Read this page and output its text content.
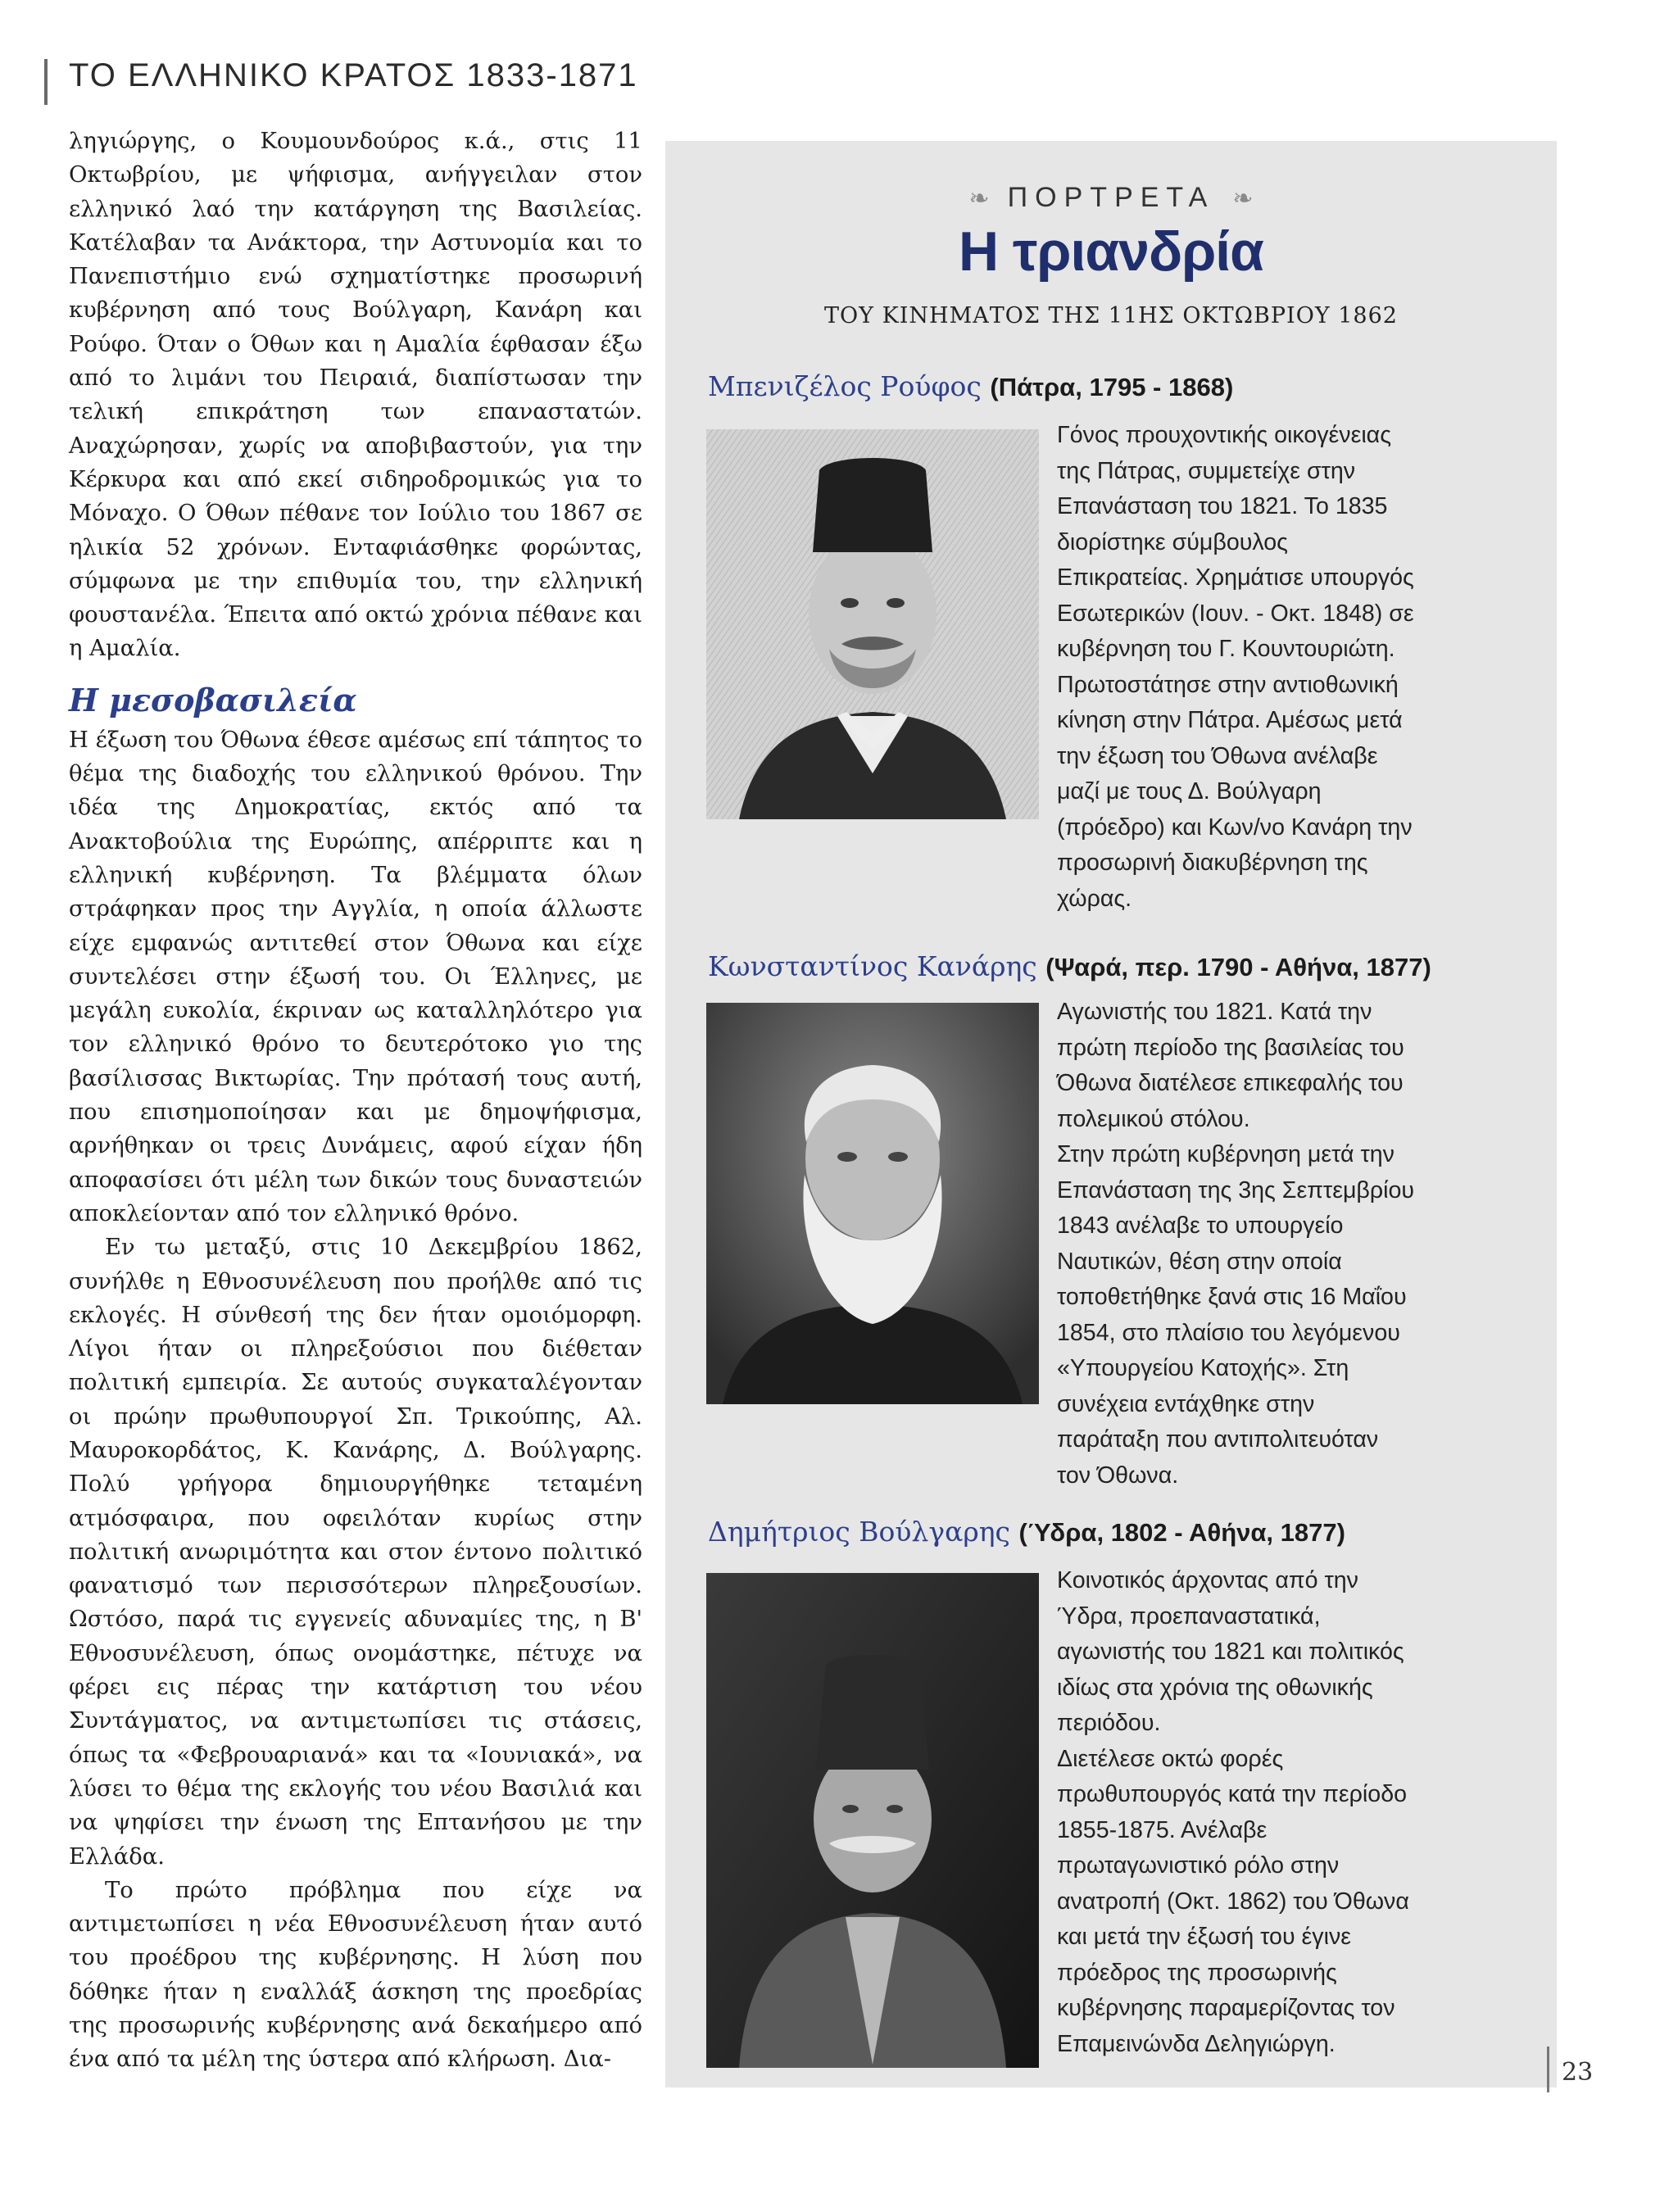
ΤΟ ΕΛΛΗΝΙΚΟ ΚΡΑΤΟΣ 1833-1871

ληγιώργης, ο Κουμουνδούρος κ.ά., στις 11 Οκτωβρίου, με ψήφισμα, ανήγγειλαν στον ελληνικό λαό την κατάργηση της Βασιλείας. Κατέλαβαν τα Ανάκτορα, την Αστυνομία και το Πανεπιστήμιο ενώ σχηματίστηκε προσωρινή κυβέρνηση από τους Βούλγαρη, Κανάρη και Ρούφο. Όταν ο Όθων και η Αμαλία έφθασαν έξω από το λιμάνι του Πειραιά, διαπίστωσαν την τελική επικράτηση των επαναστατών. Αναχώρησαν, χωρίς να αποβιβαστούν, για την Κέρκυρα και από εκεί σιδηροδρομικώς για το Μόναχο. Ο Όθων πέθανε τον Ιούλιο του 1867 σε ηλικία 52 χρόνων. Ενταφιάσθηκε φορώντας, σύμφωνα με την επιθυμία του, την ελληνική φουστανέλα. Έπειτα από οκτώ χρόνια πέθανε και η Αμαλία.

Η μεσοβασιλεία

Η έξωση του Όθωνα έθεσε αμέσως επί τάπητος το θέμα της διαδοχής του ελληνικού θρόνου. Την ιδέα της Δημοκρατίας, εκτός από τα Ανακτοβούλια της Ευρώπης, απέρριπτε και η ελληνική κυβέρνηση. Τα βλέμματα όλων στράφηκαν προς την Αγγλία, η οποία άλλωστε είχε εμφανώς αντιτεθεί στον Όθωνα και είχε συντελέσει στην έξωσή του. Οι Έλληνες, με μεγάλη ευκολία, έκριναν ως καταλληλότερο για τον ελληνικό θρόνο το δευτερότοκο γιο της βασίλισσας Βικτωρίας. Την πρότασή τους αυτή, που επισημοποίησαν και με δημοψήφισμα, αρνήθηκαν οι τρεις Δυνάμεις, αφού είχαν ήδη αποφασίσει ότι μέλη των δικών τους δυναστειών αποκλείονταν από τον ελληνικό θρόνο.

Εν τω μεταξύ, στις 10 Δεκεμβρίου 1862, συνήλθε η Εθνοσυνέλευση που προήλθε από τις εκλογές. Η σύνθεσή της δεν ήταν ομοιόμορφη. Λίγοι ήταν οι πληρεξούσιοι που διέθεταν πολιτική εμπειρία. Σε αυτούς συγκαταλέγονταν οι πρώην πρωθυπουργοί Σπ. Τρικούπης, Αλ. Μαυροκορδάτος, Κ. Κανάρης, Δ. Βούλγαρης. Πολύ γρήγορα δημιουργήθηκε τεταμένη ατμόσφαιρα, που οφειλόταν κυρίως στην πολιτική ανωριμότητα και στον έντονο πολιτικό φανατισμό των περισσότερων πληρεξουσίων. Ωστόσο, παρά τις εγγενείς αδυναμίες της, η Β' Εθνοσυνέλευση, όπως ονομάστηκε, πέτυχε να φέρει εις πέρας την κατάρτιση του νέου Συντάγματος, να αντιμετωπίσει τις στάσεις, όπως τα «Φεβρουαριανά» και τα «Ιουνιακά», να λύσει το θέμα της εκλογής του νέου Βασιλιά και να ψηφίσει την ένωση της Επτανήσου με την Ελλάδα.

Το πρώτο πρόβλημα που είχε να αντιμετωπίσει η νέα Εθνοσυνέλευση ήταν αυτό του προέδρου της κυβέρνησης. Η λύση που δόθηκε ήταν η εναλλάξ άσκηση της προεδρίας της προσωρινής κυβέρνησης ανά δεκαήμερο από ένα από τα μέλη της ύστερα από κλήρωση. Δια-

❧ ΠΟΡΤΡΕΤΑ ❧
Η τριανδρία
ΤΟΥ ΚΙΝΗΜΑΤΟΣ ΤΗΣ 11ΗΣ ΟΚΤΩΒΡΙΟΥ 1862
Μπενιζέλος Ρούφος (Πάτρα, 1795 - 1868)
Γόνος προυχοντικής οικογένειας
της Πάτρας, συμμετείχε στην
Επανάσταση του 1821. Το 1835
διορίστηκε σύμβουλος
Επικρατείας. Χρημάτισε υπουργός
Εσωτερικών (Ιουν. - Οκτ. 1848) σε
κυβέρνηση του Γ. Κουντουριώτη.
Πρωτοστάτησε στην αντιοθωνική
κίνηση στην Πάτρα. Αμέσως μετά
την έξωση του Όθωνα ανέλαβε
μαζί με τους Δ. Βούλγαρη
(πρόεδρο) και Κων/νο Κανάρη την
προσωρινή διακυβέρνηση της
χώρας.
Κωνσταντίνος Κανάρης (Ψαρά, περ. 1790 - Αθήνα, 1877)
Αγωνιστής του 1821. Κατά την
πρώτη περίοδο της βασιλείας του
Όθωνα διατέλεσε επικεφαλής του
πολεμικού στόλου.
Στην πρώτη κυβέρνηση μετά την
Επανάσταση της 3ης Σεπτεμβρίου
1843 ανέλαβε το υπουργείο
Ναυτικών, θέση στην οποία
τοποθετήθηκε ξανά στις 16 Μαΐου
1854, στο πλαίσιο του λεγόμενου
«Υπουργείου Κατοχής». Στη
συνέχεια εντάχθηκε στην
παράταξη που αντιπολιτευόταν
τον Όθωνα.
Δημήτριος Βούλγαρης (Ύδρα, 1802 - Αθήνα, 1877)
Κοινοτικός άρχοντας από την
Ύδρα, προεπαναστατικά,
αγωνιστής του 1821 και πολιτικός
ιδίως στα χρόνια της οθωνικής
περιόδου.
Διετέλεσε οκτώ φορές
πρωθυπουργός κατά την περίοδο
1855-1875. Ανέλαβε
πρωταγωνιστικό ρόλο στην
ανατροπή (Οκτ. 1862) του Όθωνα
και μετά την έξωσή του έγινε
πρόεδρος της προσωρινής
κυβέρνησης παραμερίζοντας τον
Επαμεινώνδα Δεληγιώργη.
23
